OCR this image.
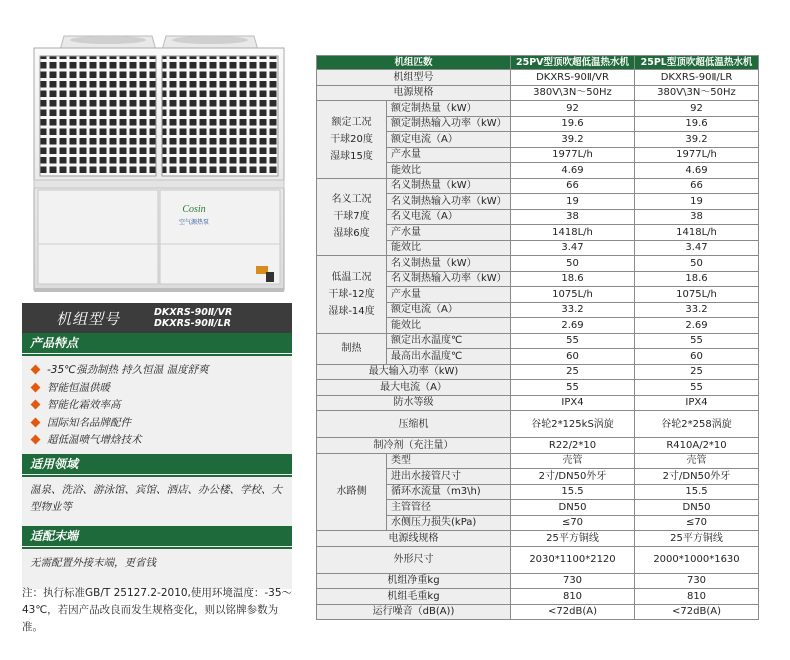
Cosin
空气源热泵
机组型号	DKXRS-90Ⅱ/VR
DKXRS-90Ⅱ/LR
产品特点
-35℃强劲制热 持久恒温 温度舒爽
智能恒温供暖
智能化霜效率高
国际知名品牌配件
超低温喷气增焓技术
适用领域
温泉、洗浴、游泳馆、宾馆、酒店、办公楼、学校、大型物业等
适配末端
无需配置外接末端，更省钱
注：执行标准GB/T 25127.2-2010,使用环境温度：-35～43℃，若因产品改良而发生规格变化，则以铭牌参数为准。
机组匹数		25PV型顶吹超低温热水机	25PL型顶吹超低温热水机
机组型号		DKXRS-90Ⅱ/VR	DKXRS-90Ⅱ/LR
电源规格		380V\3N～50Hz	380V\3N～50Hz
额定工况
干球20度
湿球15度	额定制热量（kW）	92	92
	额定制热输入功率（kW）	19.6	19.6
	额定电流（A）	39.2	39.2
	产水量	1977L/h	1977L/h
	能效比	4.69	4.69
名义工况
干球7度
湿球6度	名义制热量（kW）	66	66
	名义制热输入功率（kW）	19	19
	名义电流（A）	38	38
	产水量	1418L/h	1418L/h
	能效比	3.47	3.47
低温工况
干球-12度
湿球-14度	名义制热量（kW）	50	50
	名义制热输入功率（kW）	18.6	18.6
	产水量	1075L/h	1075L/h
	额定电流（A）	33.2	33.2
	能效比	2.69	2.69
制热	额定出水温度℃	55	55
	最高出水温度℃	60	60
最大输入功率（kW)		25	25
最大电流（A）		55	55
防水等级		IPX4	IPX4
压缩机		谷轮2*125kS涡旋	谷轮2*258涡旋
制冷剂（充注量）		R22/2*10	R410A/2*10
水路侧	类型	壳管	壳管
	进出水接管尺寸	2寸/DN50外牙	2寸/DN50外牙
	循环水流量（m3\h)	15.5	15.5
	主管管径	DN50	DN50
	水侧压力损失(kPa)	≤70	≤70
电源线规格		25平方铜线	25平方铜线
外形尺寸		2030*1100*2120	2000*1000*1630
机组净重kg		730	730
机组毛重kg		810	810
运行噪音（dB(A))		<72dB(A)	<72dB(A)
